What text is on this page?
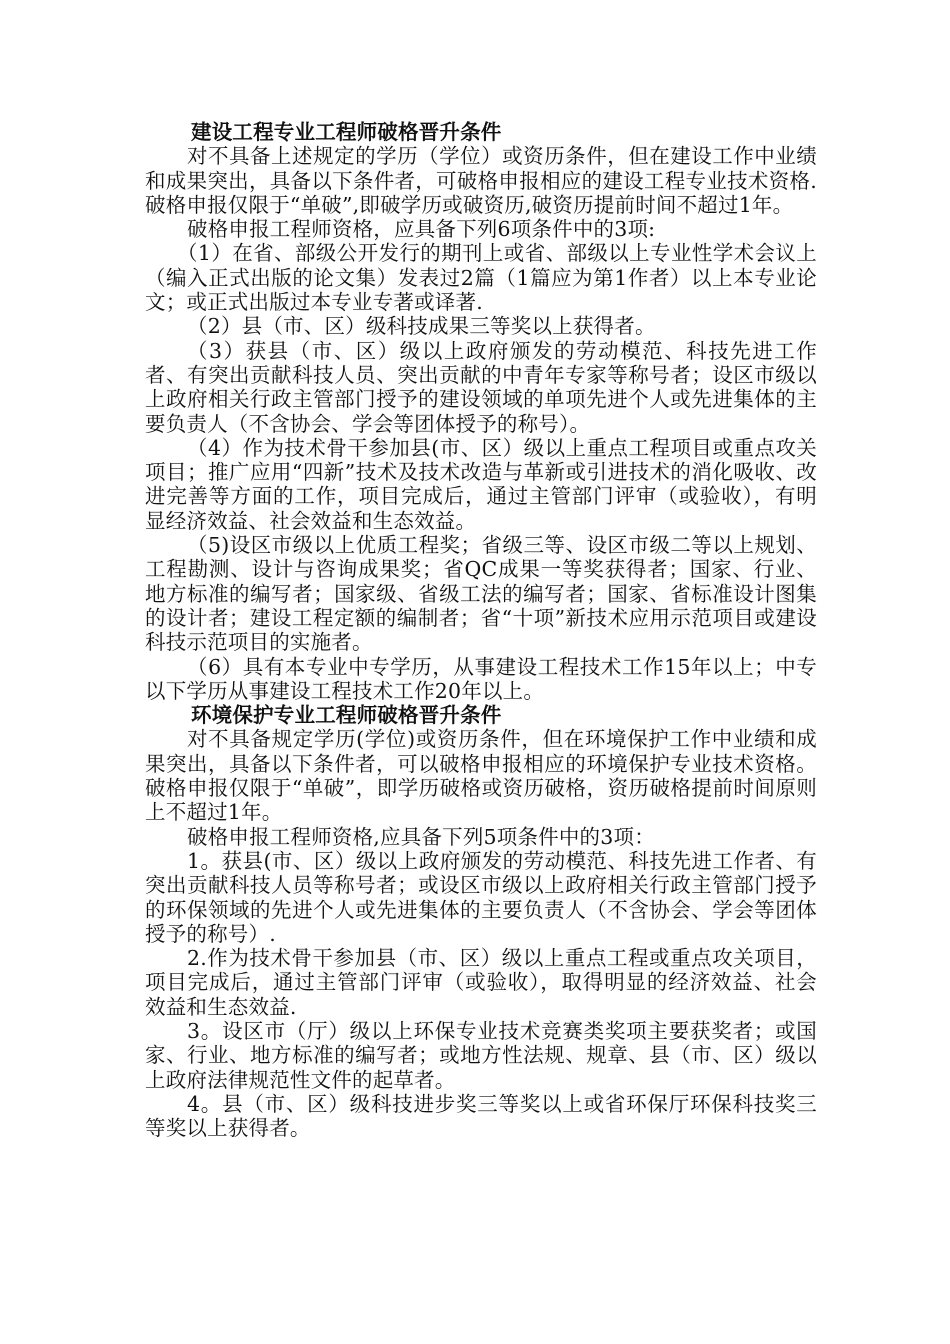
建设工程专业工程师破格晋升条件

对不具备上述规定的学历（学位）或资历条件，但在建设工作中业绩和成果突出，具备以下条件者，可破格申报相应的建设工程专业技术资格.破格申报仅限于“单破”,即破学历或破资历,破资历提前时间不超过1年。

破格申报工程师资格，应具备下列6项条件中的3项:

（1）在省、部级公开发行的期刊上或省、部级以上专业性学术会议上（编入正式出版的论文集）发表过2篇（1篇应为第1作者）以上本专业论文；或正式出版过本专业专著或译著.

（2）县（市、区）级科技成果三等奖以上获得者。

（3）获县（市、区）级以上政府颁发的劳动模范、科技先进工作者、有突出贡献科技人员、突出贡献的中青年专家等称号者；设区市级以上政府相关行政主管部门授予的建设领域的单项先进个人或先进集体的主要负责人（不含协会、学会等团体授予的称号）。

（4）作为技术骨干参加县(市、区）级以上重点工程项目或重点攻关项目；推广应用“四新”技术及技术改造与革新或引进技术的消化吸收、改进完善等方面的工作，项目完成后，通过主管部门评审（或验收），有明显经济效益、社会效益和生态效益。

（5)设区市级以上优质工程奖；省级三等、设区市级二等以上规划、工程勘测、设计与咨询成果奖；省QC成果一等奖获得者；国家、行业、地方标准的编写者；国家级、省级工法的编写者；国家、省标准设计图集的设计者；建设工程定额的编制者；省“十项”新技术应用示范项目或建设科技示范项目的实施者。

（6）具有本专业中专学历，从事建设工程技术工作15年以上；中专以下学历从事建设工程技术工作20年以上。

环境保护专业工程师破格晋升条件

对不具备规定学历(学位)或资历条件，但在环境保护工作中业绩和成果突出，具备以下条件者，可以破格申报相应的环境保护专业技术资格。破格申报仅限于“单破”，即学历破格或资历破格，资历破格提前时间原则上不超过1年。

破格申报工程师资格,应具备下列5项条件中的3项：

1。获县(市、区）级以上政府颁发的劳动模范、科技先进工作者、有突出贡献科技人员等称号者；或设区市级以上政府相关行政主管部门授予的环保领域的先进个人或先进集体的主要负责人（不含协会、学会等团体授予的称号）.

2.作为技术骨干参加县（市、区）级以上重点工程或重点攻关项目，项目完成后，通过主管部门评审（或验收），取得明显的经济效益、社会效益和生态效益.

3。设区市（厅）级以上环保专业技术竞赛类奖项主要获奖者；或国家、行业、地方标准的编写者；或地方性法规、规章、县（市、区）级以上政府法律规范性文件的起草者。

4。县（市、区）级科技进步奖三等奖以上或省环保厅环保科技奖三等奖以上获得者。
